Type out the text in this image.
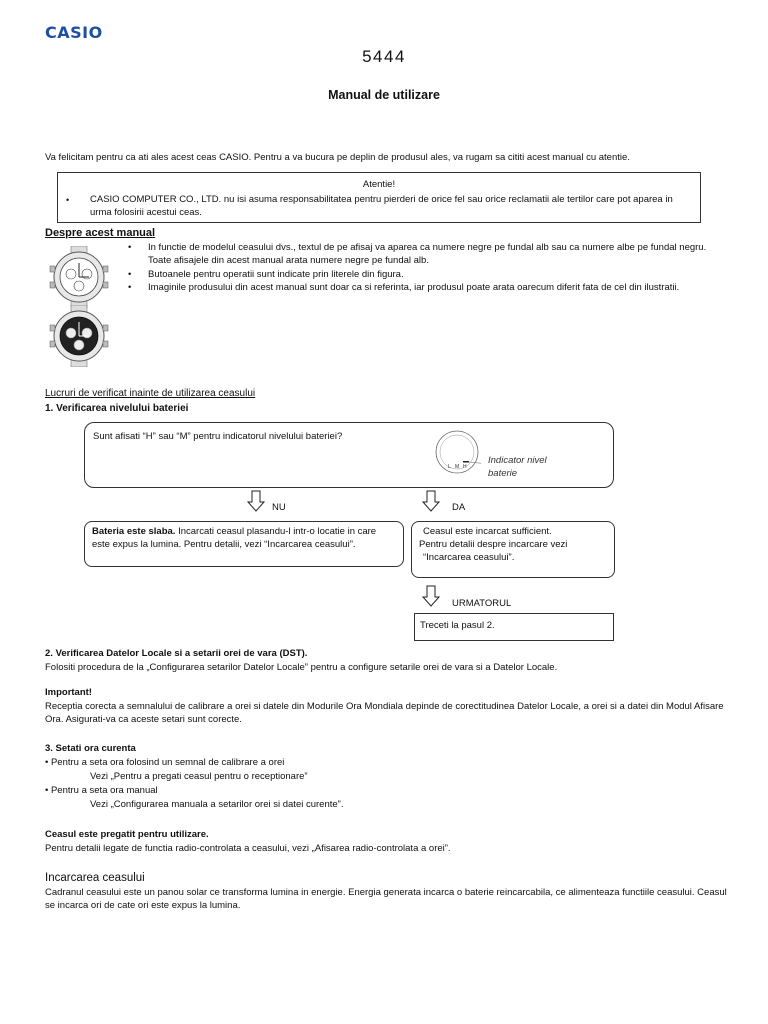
CASIO
5444
Manual de utilizare
Va felicitam pentru ca ati ales acest ceas CASIO. Pentru a va bucura pe deplin de produsul ales, va rugam sa cititi acest manual cu atentie.
Atentie!
• CASIO COMPUTER CO., LTD. nu isi asuma responsabilitatea pentru pierderi de orice fel sau orice reclamatii ale tertilor care pot aparea in urma folosirii acestui ceas.
Despre acest manual
• In functie de modelul ceasului dvs., textul de pe afisaj va aparea ca numere negre pe fundal alb sau ca numere albe pe fundal negru. Toate afisajele din acest manual arata numere negre pe fundal alb.
• Butoanele pentru operatii sunt indicate prin literele din figura.
• Imaginile produsului din acest manual sunt doar ca si referinta, iar produsul poate arata oarecum diferit fata de cel din ilustratii.
Lucruri de verificat inainte de utilizarea ceasului
1. Verificarea nivelului bateriei
Sunt afisati “H” sau “M” pentru indicatorul nivelului bateriei?
L M H
Indicator nivel baterie
NU	DA
Bateria este slaba. Incarcati ceasul plasandu-l intr-o locatie in care este expus la lumina. Pentru detalii, vezi “Incarcarea ceasului”.
Ceasul este incarcat sufficient.
Pentru detalii despre incarcare vezi
“Incarcarea ceasului”.
URMATORUL
Treceti la pasul 2.
2. Verificarea Datelor Locale si a setarii orei de vara (DST).
Folositi procedura de la „Configurarea setarilor Datelor Locale” pentru a configure setarile orei de vara si a Datelor Locale.
Important!
Receptia corecta a semnalului de calibrare a orei si datele din Modurile Ora Mondiala depinde de corectitudinea Datelor Locale, a orei si a datei din Modul Afisare Ora. Asigurati-va ca aceste setari sunt corecte.
3. Setati ora curenta
• Pentru a seta ora folosind un semnal de calibrare a orei
Vezi „Pentru a pregati ceasul pentru o receptionare”
• Pentru a seta ora manual
Vezi „Configurarea manuala a setarilor orei si datei curente”.
Ceasul este pregatit pentru utilizare.
Pentru detalii legate de functia radio-controlata a ceasului, vezi „Afisarea radio-controlata a orei”.
Incarcarea ceasului
Cadranul ceasului este un panou solar ce transforma lumina in energie. Energia generata incarca o baterie reincarcabila, ce alimenteaza functiile ceasului. Ceasul se incarca ori de cate ori este expus la lumina.
